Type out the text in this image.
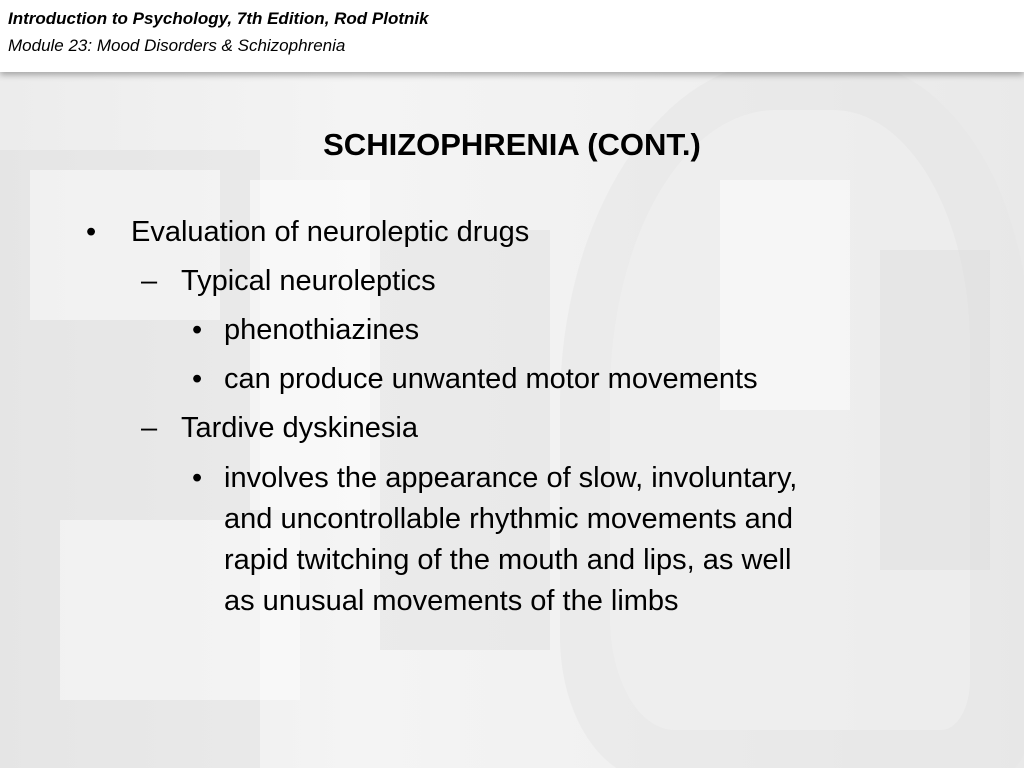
Introduction to Psychology, 7th Edition, Rod Plotnik
Module 23: Mood Disorders & Schizophrenia
SCHIZOPHRENIA (CONT.)
• Evaluation of neuroleptic drugs
– Typical neuroleptics
• phenothiazines
• can produce unwanted motor movements
– Tardive dyskinesia
• involves the appearance of slow, involuntary,
and uncontrollable rhythmic movements and
rapid twitching of the mouth and lips, as well
as unusual movements of the limbs
